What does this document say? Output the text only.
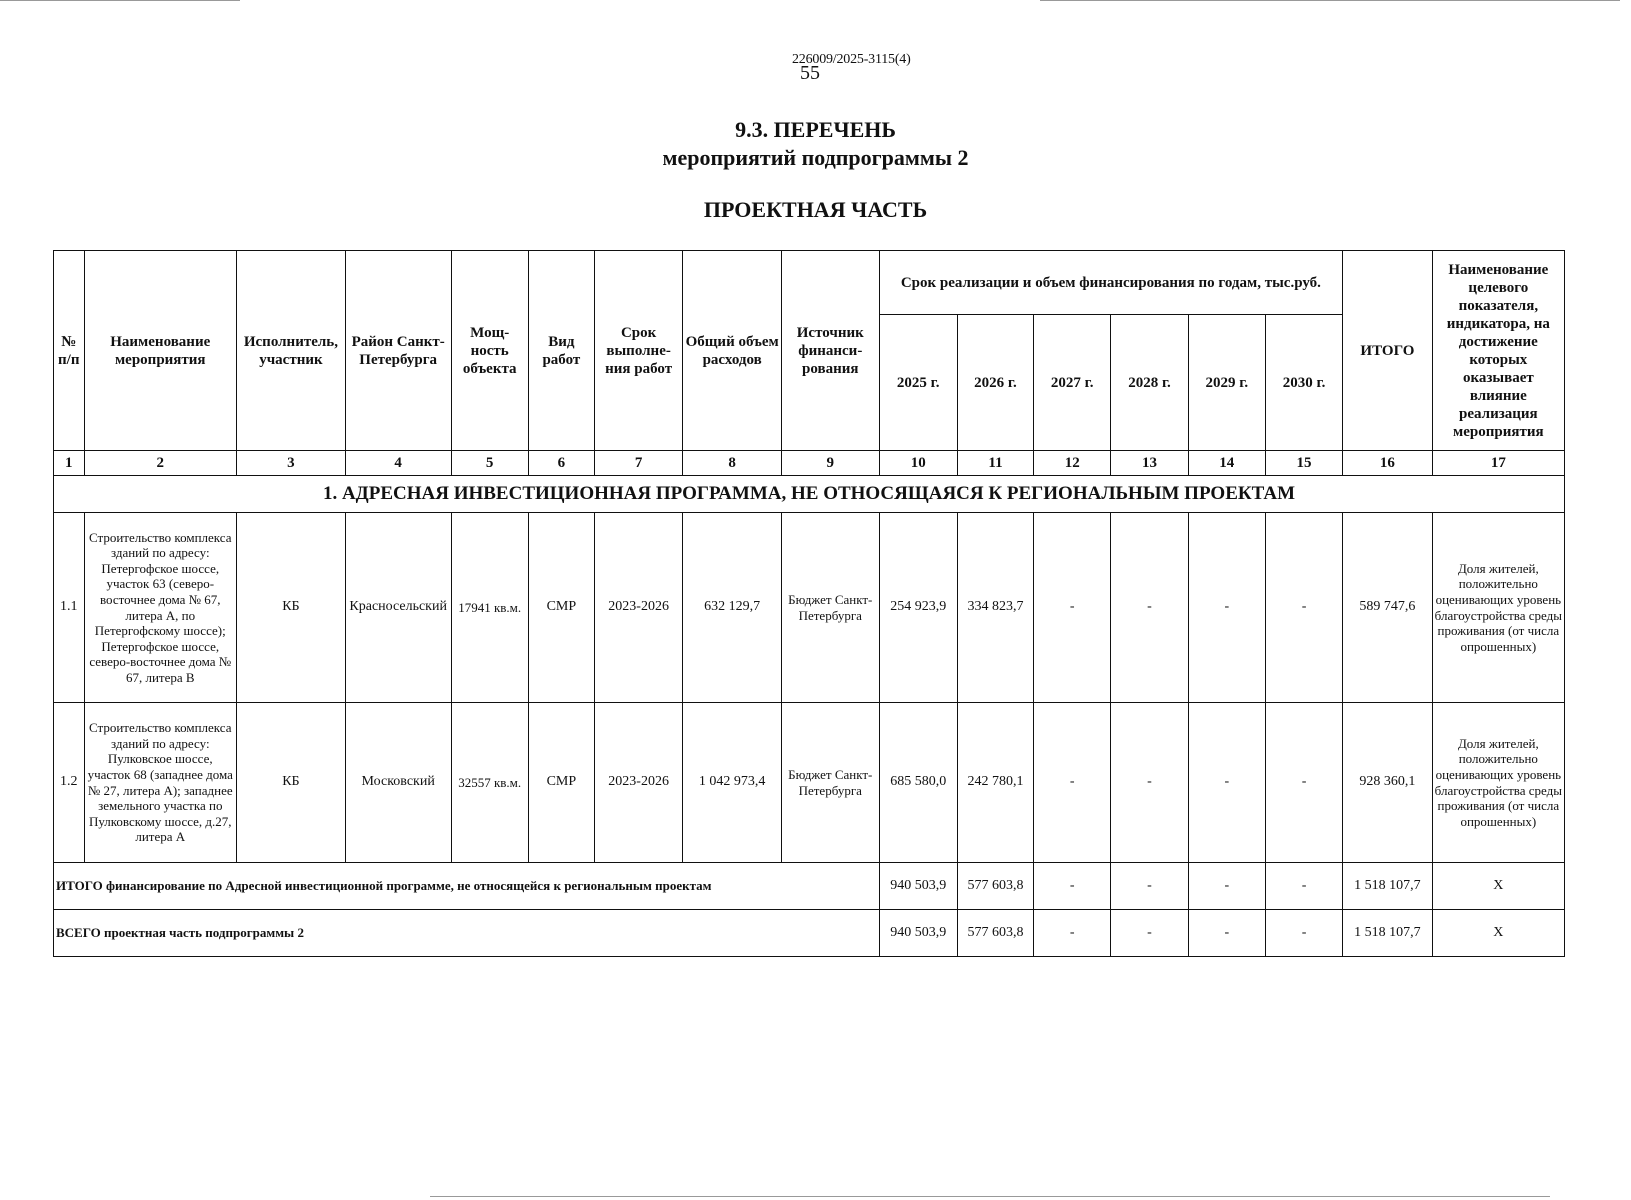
226009/2025-3115(4)
55
9.3. ПЕРЕЧЕНЬ
мероприятий подпрограммы 2
ПРОЕКТНАЯ ЧАСТЬ
№ п/п	Наименование мероприятия	Исполнитель, участник	Район Санкт-Петербурга	Мощ-ность объекта	Вид работ	Срок выполне-ния работ	Общий объем расходов	Источник финанси-рования	Срок реализации и объем финансирования по годам, тыс.руб.						ИТОГО	Наименование целевого показателя, индикатора, на достижение которых оказывает влияние реализация мероприятия
									2025 г.	2026 г.	2027 г.	2028 г.	2029 г.	2030 г.		
1	2	3	4	5	6	7	8	9	10	11	12	13	14	15	16	17
1. АДРЕСНАЯ ИНВЕСТИЦИОННАЯ ПРОГРАММА, НЕ ОТНОСЯЩАЯСЯ К РЕГИОНАЛЬНЫМ ПРОЕКТАМ																
1.1	Строительство комплекса зданий по адресу: Петергофское шоссе, участок 63 (северо-восточнее дома № 67, литера А, по Петергофскому шоссе); Петергофское шоссе, северо-восточнее дома № 67, литера В	КБ	Красносельский	17941 кв.м.	СМР	2023-2026	632 129,7	Бюджет Санкт-Петербурга	254 923,9	334 823,7	-	-	-	-	589 747,6	Доля жителей, положительно оценивающих уровень благоустройства среды проживания (от числа опрошенных)
1.2	Строительство комплекса зданий по адресу: Пулковское шоссе, участок 68 (западнее дома № 27, литера А); западнее земельного участка по Пулковскому шоссе, д.27, литера А	КБ	Московский	32557 кв.м.	СМР	2023-2026	1 042 973,4	Бюджет Санкт-Петербурга	685 580,0	242 780,1	-	-	-	-	928 360,1	Доля жителей, положительно оценивающих уровень благоустройства среды проживания (от числа опрошенных)
ИТОГО финансирование по Адресной инвестиционной программе, не относящейся к региональным проектам									940 503,9	577 603,8	-	-	-	-	1 518 107,7	Х
ВСЕГО проектная часть подпрограммы 2									940 503,9	577 603,8	-	-	-	-	1 518 107,7	Х
